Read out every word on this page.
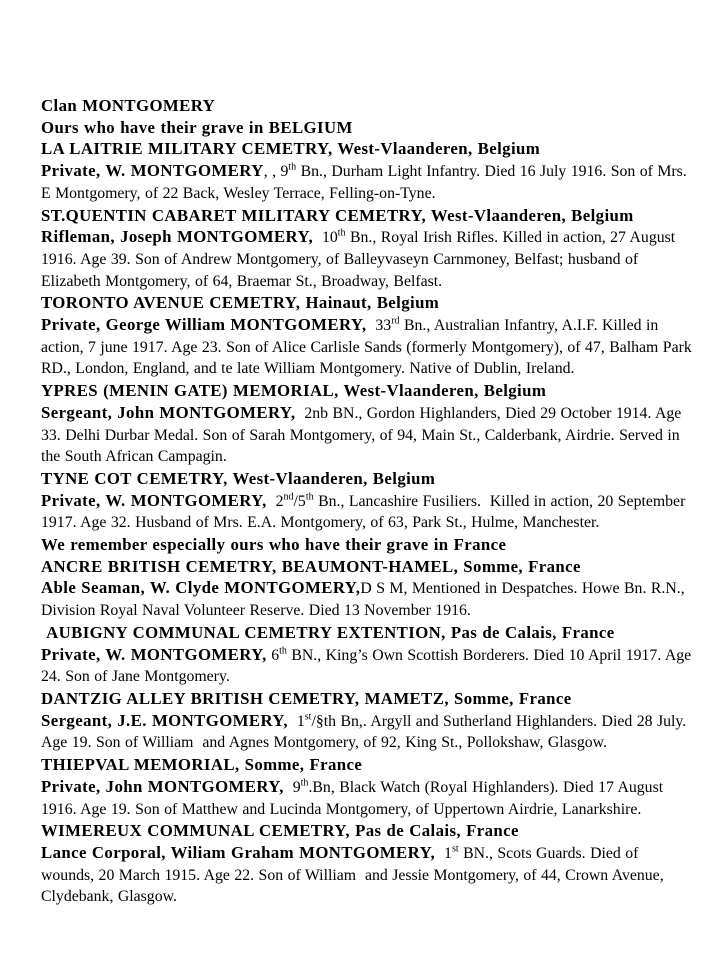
Clan MONTGOMERY

Ours who have their grave in BELGIUM

LA LAITRIE MILITARY CEMETRY, West-Vlaanderen, Belgium

Private, W. MONTGOMERY, , 9th Bn., Durham Light Infantry. Died 16 July 1916. Son of Mrs. E Montgomery, of 22 Back, Wesley Terrace, Felling-on-Tyne.

ST.QUENTIN CABARET MILITARY CEMETRY, West-Vlaanderen, Belgium

Rifleman, Joseph MONTGOMERY,  10th Bn., Royal Irish Rifles. Killed in action, 27 August 1916. Age 39. Son of Andrew Montgomery, of Balleyvaseyn Carnmoney, Belfast; husband of Elizabeth Montgomery, of 64, Braemar St., Broadway, Belfast.

TORONTO AVENUE CEMETRY, Hainaut, Belgium

Private, George William MONTGOMERY,  33rd Bn., Australian Infantry, A.I.F. Killed in action, 7 june 1917. Age 23. Son of Alice Carlisle Sands (formerly Montgomery), of 47, Balham Park RD., London, England, and te late William Montgomery. Native of Dublin, Ireland.

YPRES (MENIN GATE) MEMORIAL, West-Vlaanderen, Belgium

Sergeant, John MONTGOMERY,  2nb BN., Gordon Highlanders, Died 29 October 1914. Age 33. Delhi Durbar Medal. Son of Sarah Montgomery, of 94, Main St., Calderbank, Airdrie. Served in the South African Campagin.

TYNE COT CEMETRY, West-Vlaanderen, Belgium

Private, W. MONTGOMERY,  2nd/5th Bn., Lancashire Fusiliers.  Killed in action, 20 September 1917. Age 32. Husband of Mrs. E.A. Montgomery, of 63, Park St., Hulme, Manchester.

We remember especially ours who have their grave in France

ANCRE BRITISH CEMETRY, BEAUMONT-HAMEL, Somme, France

Able Seaman, W. Clyde MONTGOMERY,D S M, Mentioned in Despatches. Howe Bn. R.N., Division Royal Naval Volunteer Reserve. Died 13 November 1916.

AUBIGNY COMMUNAL CEMETRY EXTENTION, Pas de Calais, France

Private, W. MONTGOMERY, 6th BN., King’s Own Scottish Borderers. Died 10 April 1917. Age 24. Son of Jane Montgomery.

DANTZIG ALLEY BRITISH CEMETRY, MAMETZ, Somme, France

Sergeant, J.E. MONTGOMERY,  1st/§th Bn,. Argyll and Sutherland Highlanders. Died 28 July. Age 19. Son of William  and Agnes Montgomery, of 92, King St., Pollokshaw, Glasgow.

THIEPVAL MEMORIAL, Somme, France

Private, John MONTGOMERY,  9th.Bn, Black Watch (Royal Highlanders). Died 17 August 1916. Age 19. Son of Matthew and Lucinda Montgomery, of Uppertown Airdrie, Lanarkshire.

WIMEREUX COMMUNAL CEMETRY, Pas de Calais, France

Lance Corporal, Wiliam Graham MONTGOMERY,  1st BN., Scots Guards. Died of wounds, 20 March 1915. Age 22. Son of William  and Jessie Montgomery, of 44, Crown Avenue, Clydebank, Glasgow.
